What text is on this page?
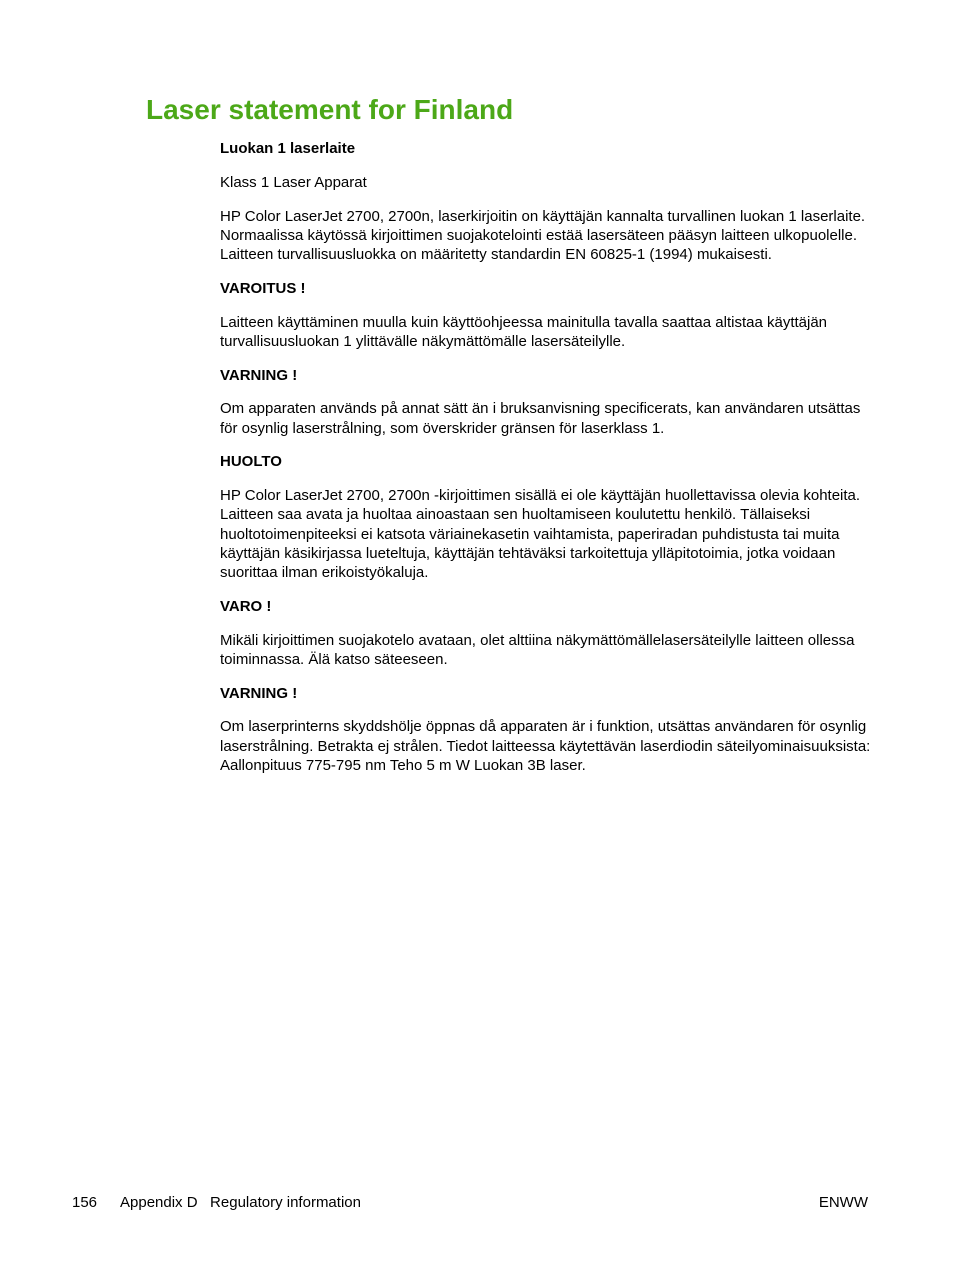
Laser statement for Finland

Luokan 1 laserlaite

Klass 1 Laser Apparat

HP Color LaserJet 2700, 2700n, laserkirjoitin on käyttäjän kannalta turvallinen luokan 1 laserlaite. Normaalissa käytössä kirjoittimen suojakotelointi estää lasersäteen pääsyn laitteen ulkopuolelle. Laitteen turvallisuusluokka on määritetty standardin EN 60825-1 (1994) mukaisesti.

VAROITUS !

Laitteen käyttäminen muulla kuin käyttöohjeessa mainitulla tavalla saattaa altistaa käyttäjän turvallisuusluokan 1 ylittävälle näkymättömälle lasersäteilylle.

VARNING !

Om apparaten används på annat sätt än i bruksanvisning specificerats, kan användaren utsättas för osynlig laserstrålning, som överskrider gränsen för laserklass 1.

HUOLTO

HP Color LaserJet 2700, 2700n -kirjoittimen sisällä ei ole käyttäjän huollettavissa olevia kohteita. Laitteen saa avata ja huoltaa ainoastaan sen huoltamiseen koulutettu henkilö. Tällaiseksi huoltotoimenpiteeksi ei katsota väriainekasetin vaihtamista, paperiradan puhdistusta tai muita käyttäjän käsikirjassa lueteltuja, käyttäjän tehtäväksi tarkoitettuja ylläpitotoimia, jotka voidaan suorittaa ilman erikoistyökaluja.

VARO !

Mikäli kirjoittimen suojakotelo avataan, olet alttiina näkymättömällelasersäteilylle laitteen ollessa toiminnassa. Älä katso säteeseen.

VARNING !

Om laserprinterns skyddshölje öppnas då apparaten är i funktion, utsättas användaren för osynlig laserstrålning. Betrakta ej strålen. Tiedot laitteessa käytettävän laserdiodin säteilyominaisuuksista: Aallonpituus 775-795 nm Teho 5 m W Luokan 3B laser.

156 Appendix D   Regulatory information	ENWW
